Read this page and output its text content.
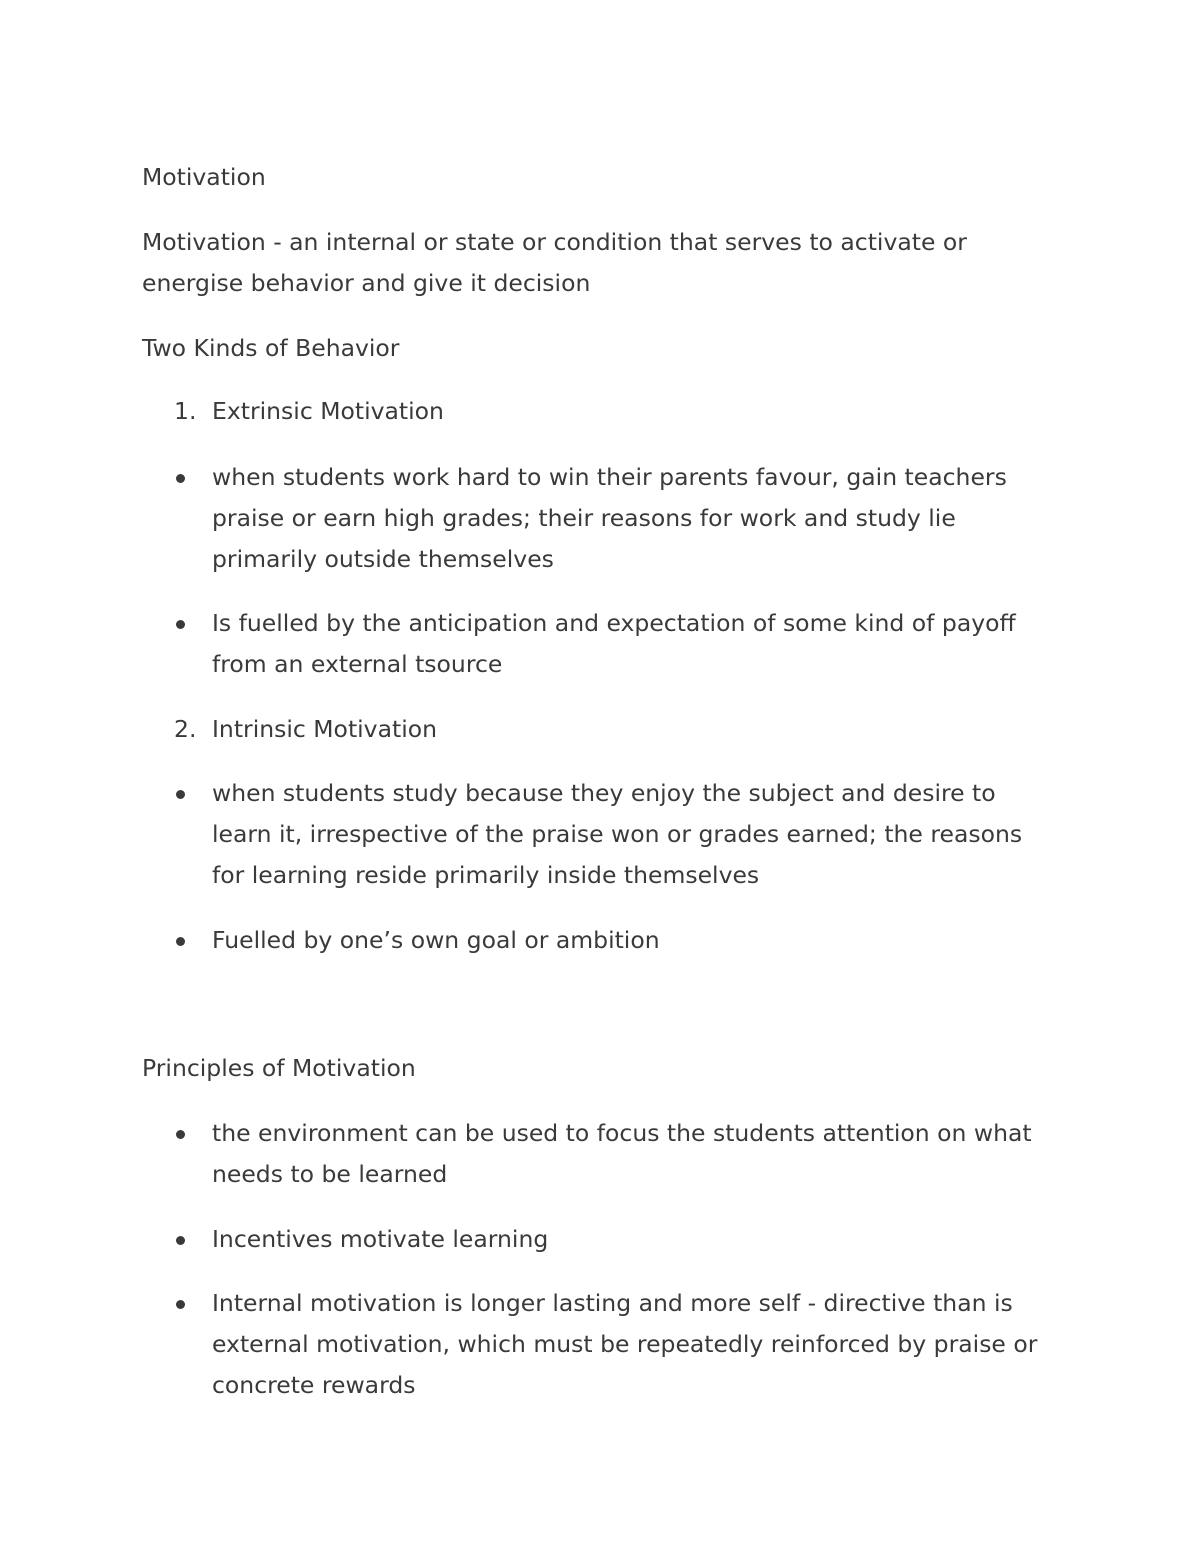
Motivation

Motivation - an internal or state or condition that serves to activate or
energise behavior and give it decision

Two Kinds of Behavior

1. Extrinsic Motivation

when students work hard to win their parents favour, gain teachers
praise or earn high grades; their reasons for work and study lie
primarily outside themselves
Is fuelled by the anticipation and expectation of some kind of payoff
from an external tsource
2. Intrinsic Motivation

when students study because they enjoy the subject and desire to
learn it, irrespective of the praise won or grades earned; the reasons
for learning reside primarily inside themselves
Fuelled by one’s own goal or ambition

Principles of Motivation

the environment can be used to focus the students attention on what
needs to be learned
Incentives motivate learning
Internal motivation is longer lasting and more self - directive than is
external motivation, which must be repeatedly reinforced by praise or
concrete rewards
